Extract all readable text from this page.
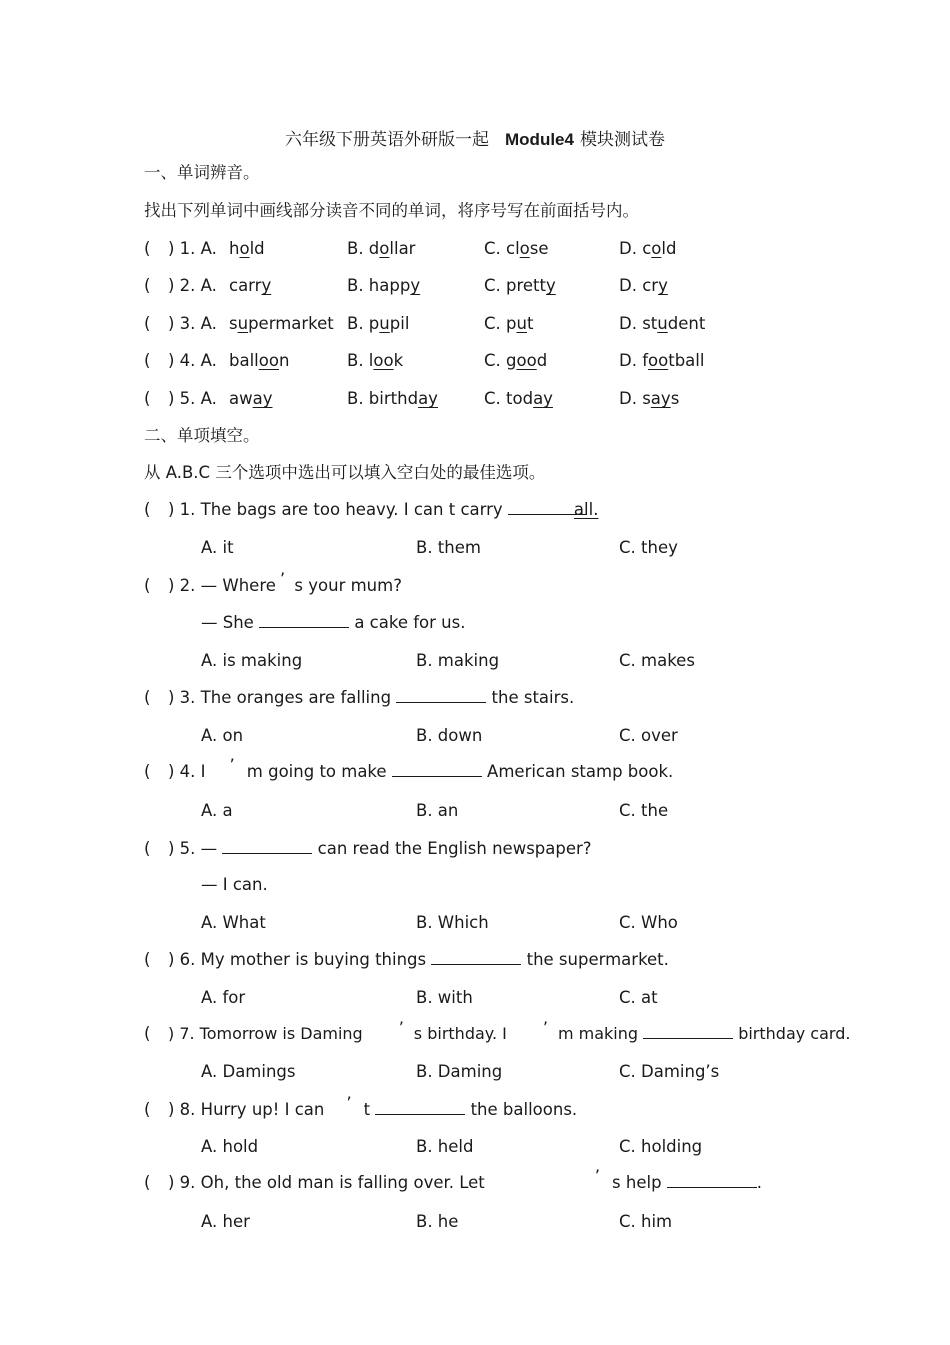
六年级下册英语外研版一起 Module4 模块测试卷
一、单词辨音。
找出下列单词中画线部分读音不同的单词，将序号写在前面括号内。
( ) 1. A. hold	B. dollar	C. close	D. cold
( ) 2. A. carry	B. happy	C. pretty	D. cry
( ) 3. A. supermarket B. pupil	C. put	D. student
( ) 4. A. balloon	B. look	C. good	D. football
( ) 5. A. away	B. birthday	C. today	D. says
二、单项填空。
从 A.B.C 三个选项中选出可以填入空白处的最佳选项。
( ) 1. The bags are too heavy. I can t carry	all.
A. it	B. them	C. they
( ) 2. — Where ’ s your mum?
— She	a cake for us.
A. is making	B. making	C. makes
( ) 3. The oranges are falling	the stairs.
A. on	B. down	C. over
( ) 4. I ’ m going to make	American stamp book.
A. a	B. an	C. the
( ) 5. —	can read the English newspaper?
— I can.
A. What	B. Which	C. Who
( ) 6. My mother is buying things	the supermarket.
A. for	B. with	C. at
( ) 7. Tomorrow is Daming ’ s birthday. I ’ m making	birthday card.
A. Damings	B. Daming	C. Daming’s
( ) 8. Hurry up! I can ’ t	the balloons.
A. hold	B. held	C. holding
( ) 9. Oh, the old man is falling over. Let	’ s help	.
A. her	B. he	C. him
